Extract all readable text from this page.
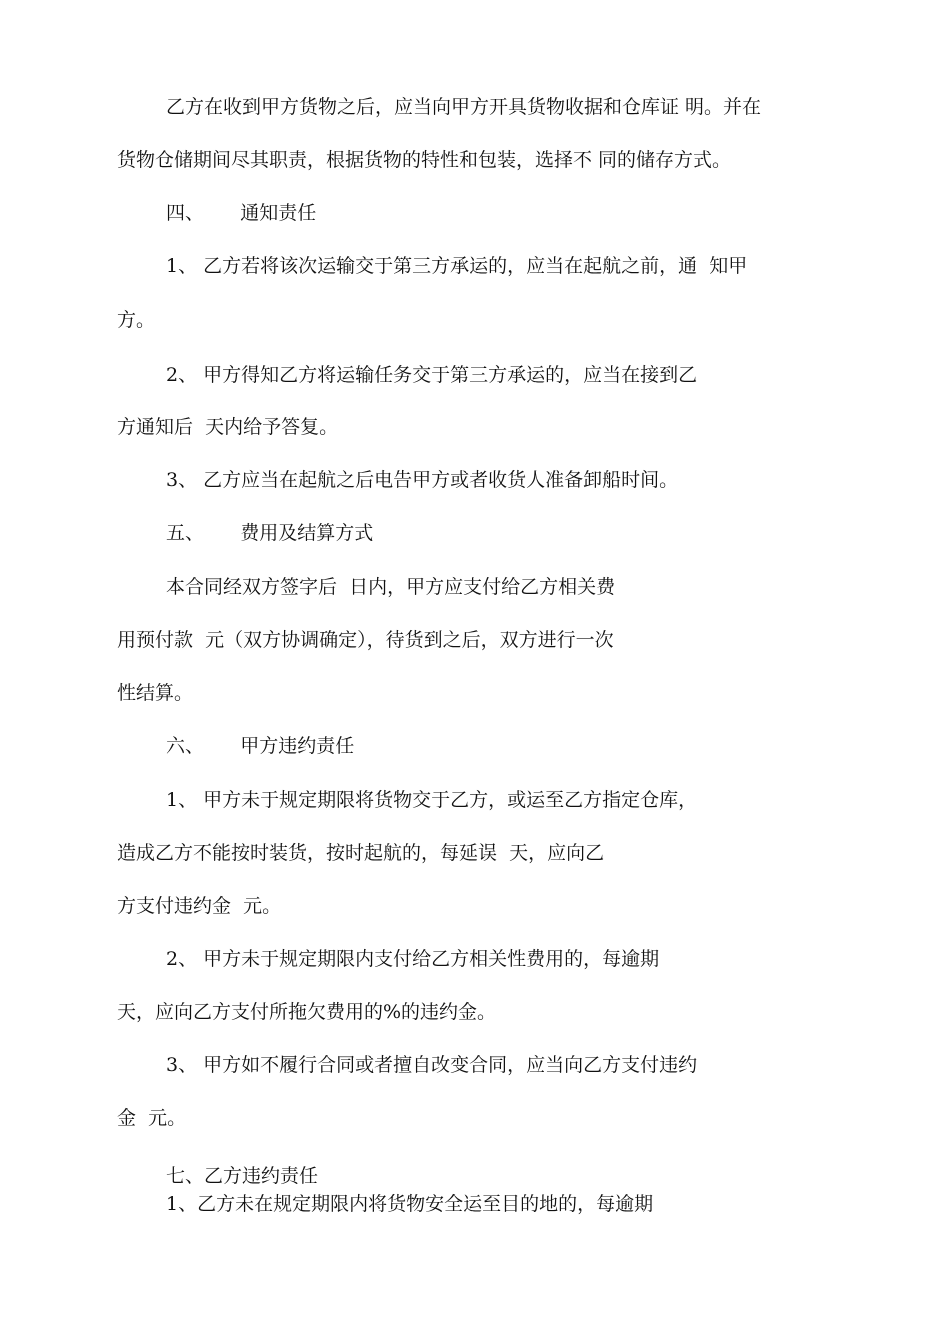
乙方在收到甲方货物之后，应当向甲方开具货物收据和仓库证 明。并在

货物仓储期间尽其职责，根据货物的特性和包装，选择不 同的储存方式。

四、      通知责任

1、 乙方若将该次运输交于第三方承运的，应当在起航之前，通  知甲

方。

2、 甲方得知乙方将运输任务交于第三方承运的，应当在接到乙

方通知后  天内给予答复。

3、 乙方应当在起航之后电告甲方或者收货人准备卸船时间。

五、      费用及结算方式

本合同经双方签字后  日内，甲方应支付给乙方相关费

用预付款  元（双方协调确定），待货到之后，双方进行一次

性结算。

六、      甲方违约责任

1、 甲方未于规定期限将货物交于乙方，或运至乙方指定仓库，

造成乙方不能按时装货，按时起航的，每延误  天，应向乙

方支付违约金  元。

2、 甲方未于规定期限内支付给乙方相关性费用的，每逾期

天，应向乙方支付所拖欠费用的%的违约金。

3、 甲方如不履行合同或者擅自改变合同，应当向乙方支付违约

金  元。

七、乙方违约责任

1、乙方未在规定期限内将货物安全运至目的地的，每逾期
